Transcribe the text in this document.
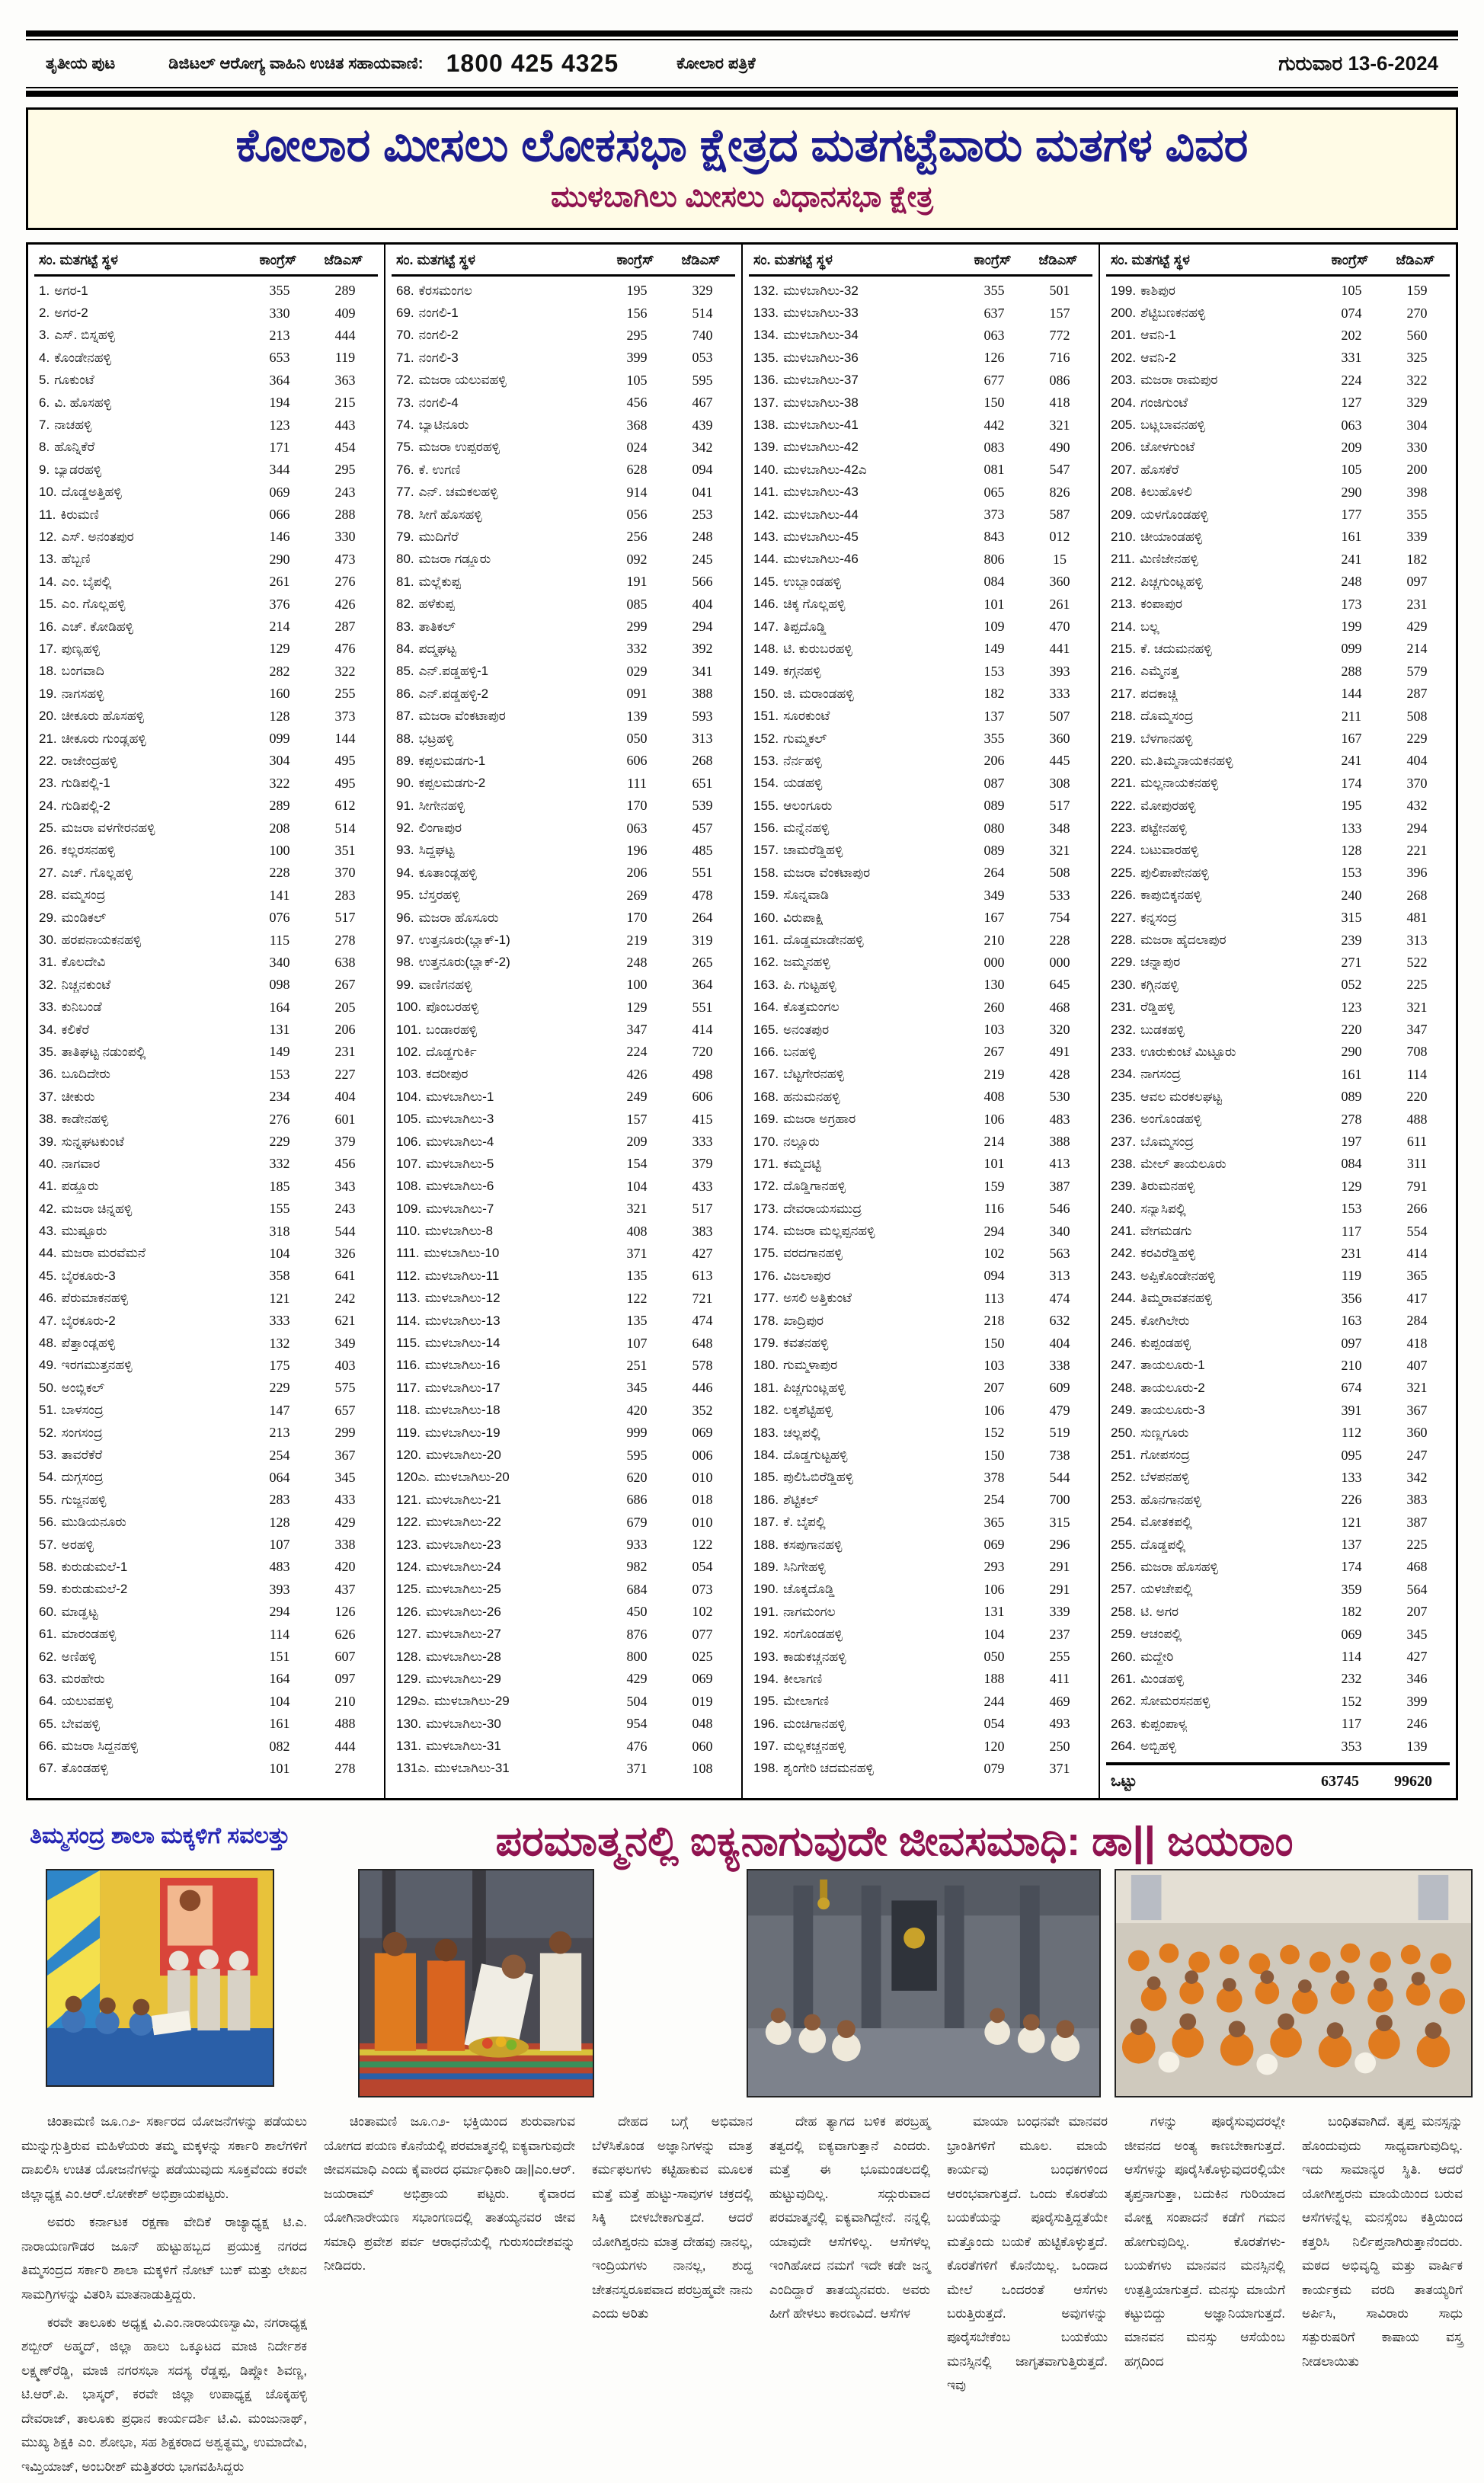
ತೃತೀಯ ಪುಟ	ಡಿಜಿಟಲ್ ಆರೋಗ್ಯ ವಾಹಿನಿ ಉಚಿತ ಸಹಾಯವಾಣಿ: 1800 425 4325	ಕೋಲಾರ ಪತ್ರಿಕೆ	ಗುರುವಾರ 13-6-2024
ಕೋಲಾರ ಮೀಸಲು ಲೋಕಸಭಾ ಕ್ಷೇತ್ರದ ಮತಗಟ್ಟೆವಾರು ಮತಗಳ ವಿವರ
ಮುಳಬಾಗಿಲು ಮೀಸಲು ವಿಧಾನಸಭಾ ಕ್ಷೇತ್ರ
ಸಂ. ಮತಗಟ್ಟೆ ಸ್ಥಳ	ಕಾಂಗ್ರೆಸ್	ಜೆಡಿಎಸ್
1. ಅಗರ-1	355	289
2. ಅಗರ-2	330	409
3. ಎಸ್. ಬಿಸ್ನಹಳ್ಳಿ	213	444
4. ಕೊಂಡೇನಹಳ್ಳಿ	653	119
5. ಗೂಕುಂಟೆ	364	363
6. ವಿ. ಹೊಸಹಳ್ಳಿ	194	215
7. ನಾಚಹಳ್ಳಿ	123	443
8. ಹೊನ್ನಿಕೆರೆ	171	454
9. ಬ್ಯಾಡರಹಳ್ಳಿ	344	295
10. ದೊಡ್ಡಅತ್ತಿಹಳ್ಳಿ	069	243
11. ಕಿರುಮಣಿ	066	288
12. ಎಸ್. ಅನಂತಪುರ	146	330
13. ಹೆಬ್ಬಣಿ	290	473
14. ಎಂ. ಬೈಪಲ್ಲಿ	261	276
15. ಎಂ. ಗೊಲ್ಲಹಳ್ಳಿ	376	426
16. ಎಚ್. ಕೋಡಿಹಳ್ಳಿ	214	287
17. ಪುಣ್ಯಹಳ್ಳಿ	129	476
18. ಬಂಗವಾದಿ	282	322
19. ನಾಗಸಹಳ್ಳಿ	160	255
20. ಚೀಕೂರು ಹೊಸಹಳ್ಳಿ	128	373
21. ಚೀಕೂರು ಗುಂಡ್ಲಹಳ್ಳಿ	099	144
22. ರಾಜೇಂದ್ರಹಳ್ಳಿ	304	495
23. ಗುಡಿಪಲ್ಲಿ-1	322	495
24. ಗುಡಿಪಲ್ಲಿ-2	289	612
25. ಮಜರಾ ವಳಗೇರನಹಳ್ಳಿ	208	514
26. ಕಲ್ಲರಸನಹಳ್ಳಿ	100	351
27. ಎಚ್. ಗೊಲ್ಲಹಳ್ಳಿ	228	370
28. ವಮ್ಮಸಂದ್ರ	141	283
29. ಮಂಡಿಕಲ್	076	517
30. ಹರಪನಾಯಕನಹಳ್ಳಿ	115	278
31. ಕೊಲದೇವಿ	340	638
32. ನಿಚ್ಚನಕುಂಟೆ	098	267
33. ಕುನಿಬಂಡೆ	164	205
34. ಕಲಿಕೆರೆ	131	206
35. ತಾತಿಘಟ್ಟ ನಡುಂಪಲ್ಲಿ	149	231
36. ಬೂದಿದೇರು	153	227
37. ಚೀಕುರು	234	404
38. ಕಾಡೇನಹಳ್ಳಿ	276	601
39. ಸುನ್ನಘಟಕುಂಟೆ	229	379
40. ನಾಗವಾರ	332	456
41. ಪಡ್ಡೂರು	185	343
42. ಮಜರಾ ಚಿನ್ನಹಳ್ಳಿ	155	243
43. ಮುಷ್ಟೂರು	318	544
44. ಮಜರಾ ಮರವೆಮನೆ	104	326
45. ಬೈರಕೂರು-3	358	641
46. ಪೆರುಮಾಕನಹಳ್ಳಿ	121	242
47. ಬೈರಕೂರು-2	333	621
48. ಪೆತ್ತಾಂಡ್ಲಹಳ್ಳಿ	132	349
49. ಇರಗಮುತ್ತನಹಳ್ಳಿ	175	403
50. ಅಂಬ್ಲಿಕಲ್	229	575
51. ಬಾಳಸಂದ್ರ	147	657
52. ಸಂಗಸಂದ್ರ	213	299
53. ತಾವರೆಕೆರೆ	254	367
54. ದುಗ್ಗಸಂದ್ರ	064	345
55. ಗುಜ್ಜನಹಳ್ಳಿ	283	433
56. ಮುಡಿಯನೂರು	128	429
57. ಅರಹಳ್ಳಿ	107	338
58. ಕುರುಡುಮಲೆ-1	483	420
59. ಕುರುಡುಮಲೆ-2	393	437
60. ಮಾಡ್ಘಟ್ಟ	294	126
61. ಮಾರಂಡಹಳ್ಳಿ	114	626
62. ಅಣಿಹಳ್ಳಿ	151	607
63. ಮರಹೇರು	164	097
64. ಯಲುವಹಳ್ಳಿ	104	210
65. ಬೇವಹಳ್ಳಿ	161	488
66. ಮಜರಾ ಸಿದ್ದನಹಳ್ಳಿ	082	444
67. ತೊಂಡಹಳ್ಳಿ	101	278
ಸಂ. ಮತಗಟ್ಟೆ ಸ್ಥಳ	ಕಾಂಗ್ರೆಸ್	ಜೆಡಿಎಸ್
68. ಕೆರಸಮಂಗಲ	195	329
69. ನಂಗಲಿ-1	156	514
70. ನಂಗಲಿ-2	295	740
71. ನಂಗಲಿ-3	399	053
72. ಮಜರಾ ಯಲುವಹಳ್ಳಿ	105	595
73. ನಂಗಲಿ-4	456	467
74. ಬ್ಯಾಟಿನೂರು	368	439
75. ಮಜರಾ ಉಪ್ಪರಹಳ್ಳಿ	024	342
76. ಕೆ. ಉಗಣಿ	628	094
77. ಎನ್. ಚಮಕಲಹಳ್ಳಿ	914	041
78. ಸೀಗೆ ಹೊಸಹಳ್ಳಿ	056	253
79. ಮುದಿಗೆರೆ	256	248
80. ಮಜರಾ ಗಡ್ಡೂರು	092	245
81. ಮಲ್ಲೆಕುಪ್ಪ	191	566
82. ಹಳೆಕುಪ್ಪ	085	404
83. ತಾತಿಕಲ್	299	294
84. ಪದ್ಮಘಟ್ಟ	332	392
85. ಎನ್.ಪಡ್ಡಹಳ್ಳಿ-1	029	341
86. ಎನ್.ಪಡ್ಡಹಳ್ಳಿ-2	091	388
87. ಮಜರಾ ವೆಂಕಟಾಪುರ	139	593
88. ಭಟ್ರಹಳ್ಳಿ	050	313
89. ಕಪ್ಪಲಮಡಗು-1	606	268
90. ಕಪ್ಪಲಮಡಗು-2	111	651
91. ಸೀಗೇನಹಳ್ಳಿ	170	539
92. ಲಿಂಗಾಪುರ	063	457
93. ಸಿದ್ದಘಟ್ಟ	196	485
94. ಕೂತಾಂಡ್ಲಹಳ್ಳಿ	206	551
95. ಬೆಸ್ತರಹಳ್ಳಿ	269	478
96. ಮಜರಾ ಹೊಸೂರು	170	264
97. ಉತ್ತನೂರು(ಬ್ಲಾಕ್-1)	219	319
98. ಉತ್ತನೂರು(ಬ್ಲಾಕ್-2)	248	265
99. ವಾಣಿಗನಹಳ್ಳಿ	100	364
100. ಪೊಂಬರಹಳ್ಳಿ	129	551
101. ಬಂಡಾರಹಳ್ಳಿ	347	414
102. ದೊಡ್ಡಗುರ್ಕಿ	224	720
103. ಕದರೀಪುರ	426	498
104. ಮುಳಬಾಗಿಲು-1	249	606
105. ಮುಳಬಾಗಿಲು-3	157	415
106. ಮುಳಬಾಗಿಲು-4	209	333
107. ಮುಳಬಾಗಿಲು-5	154	379
108. ಮುಳಬಾಗಿಲು-6	104	433
109. ಮುಳಬಾಗಿಲು-7	321	517
110. ಮುಳಬಾಗಿಲು-8	408	383
111. ಮುಳಬಾಗಿಲು-10	371	427
112. ಮುಳಬಾಗಿಲು-11	135	613
113. ಮುಳಬಾಗಿಲು-12	122	721
114. ಮುಳಬಾಗಿಲು-13	135	474
115. ಮುಳಬಾಗಿಲು-14	107	648
116. ಮುಳಬಾಗಿಲು-16	251	578
117. ಮುಳಬಾಗಿಲು-17	345	446
118. ಮುಳಬಾಗಿಲು-18	420	352
119. ಮುಳಬಾಗಿಲು-19	999	069
120. ಮುಳಬಾಗಿಲು-20	595	006
120ಎ. ಮುಳಬಾಗಿಲು-20	620	010
121. ಮುಳಬಾಗಿಲು-21	686	018
122. ಮುಳಬಾಗಿಲು-22	679	010
123. ಮುಳಬಾಗಿಲು-23	933	122
124. ಮುಳಬಾಗಿಲು-24	982	054
125. ಮುಳಬಾಗಿಲು-25	684	073
126. ಮುಳಬಾಗಿಲು-26	450	102
127. ಮುಳಬಾಗಿಲು-27	876	077
128. ಮುಳಬಾಗಿಲು-28	800	025
129. ಮುಳಬಾಗಿಲು-29	429	069
129ಎ. ಮುಳಬಾಗಿಲು-29	504	019
130. ಮುಳಬಾಗಿಲು-30	954	048
131. ಮುಳಬಾಗಿಲು-31	476	060
131ಎ. ಮುಳಬಾಗಿಲು-31	371	108
ಸಂ. ಮತಗಟ್ಟೆ ಸ್ಥಳ	ಕಾಂಗ್ರೆಸ್	ಜೆಡಿಎಸ್
132. ಮುಳಬಾಗಿಲು-32	355	501
133. ಮುಳಬಾಗಿಲು-33	637	157
134. ಮುಳಬಾಗಿಲು-34	063	772
135. ಮುಳಬಾಗಿಲು-36	126	716
136. ಮುಳಬಾಗಿಲು-37	677	086
137. ಮುಳಬಾಗಿಲು-38	150	418
138. ಮುಳಬಾಗಿಲು-41	442	321
139. ಮುಳಬಾಗಿಲು-42	083	490
140. ಮುಳಬಾಗಿಲು-42ಎ	081	547
141. ಮುಳಬಾಗಿಲು-43	065	826
142. ಮುಳಬಾಗಿಲು-44	373	587
143. ಮುಳಬಾಗಿಲು-45	843	012
144. ಮುಳಬಾಗಿಲು-46	806	15
145. ಉಬ್ಬಾಂಡಹಳ್ಳಿ	084	360
146. ಚಿಕ್ಕ ಗೊಲ್ಲಹಳ್ಳಿ	101	261
147. ತಿಪ್ಪದೊಡ್ಡಿ	109	470
148. ಟಿ. ಕುರುಬರಹಳ್ಳಿ	149	441
149. ಕಗ್ಗನಹಳ್ಳಿ	153	393
150. ಜಿ. ಮರಾಂಡಹಳ್ಳಿ	182	333
151. ಸೂರಕುಂಟೆ	137	507
152. ಗುಮ್ಮಕಲ್	355	360
153. ನೆರ್ನಹಳ್ಳಿ	206	445
154. ಯಡಹಳ್ಳಿ	087	308
155. ಆಲಂಗೂರು	089	517
156. ಮನ್ನೆನಹಳ್ಳಿ	080	348
157. ಚಾಮರೆಡ್ಡಿಹಳ್ಳಿ	089	321
158. ಮಜರಾ ವೆಂಕಟಾಪುರ	264	508
159. ಸೊನ್ನವಾಡಿ	349	533
160. ವಿರುಪಾಕ್ಷಿ	167	754
161. ದೊಡ್ಡಮಾಡೇನಹಳ್ಳಿ	210	228
162. ಜಮ್ಮನಹಳ್ಳಿ	000	000
163. ಪಿ. ಗುಟ್ಟಹಳ್ಳಿ	130	645
164. ಕೊತ್ತಮಂಗಲ	260	468
165. ಅನಂತಪುರ	103	320
166. ಬನಹಳ್ಳಿ	267	491
167. ಬೆಟ್ಟಗೇರನಹಳ್ಳಿ	219	428
168. ಹನುಮನಹಳ್ಳಿ	408	530
169. ಮಜರಾ ಅಗ್ರಹಾರ	106	483
170. ನಲ್ಲೂರು	214	388
171. ಕಮ್ಮದಟ್ಟಿ	101	413
172. ದೊಡ್ಡಿಗಾನಹಳ್ಳಿ	159	387
173. ದೇವರಾಯಸಮುದ್ರ	116	546
174. ಮಜರಾ ಮಲ್ಲಪ್ಪನಹಳ್ಳಿ	294	340
175. ವರದಗಾನಹಳ್ಳಿ	102	563
176. ವಿಜಲಾಪುರ	094	313
177. ಅಸಲಿ ಅತ್ತಿಕುಂಟೆ	113	474
178. ಖಾದ್ರಿಪುರ	218	632
179. ಕವತನಹಳ್ಳಿ	150	404
180. ಗುಮ್ಮಳಾಪುರ	103	338
181. ಪಿಚ್ಚಗುಂಟ್ಲಹಳ್ಳಿ	207	609
182. ಲಕ್ಕಶೆಟ್ಟಿಹಳ್ಳಿ	106	479
183. ಚಲ್ಲಪಲ್ಲಿ	152	519
184. ದೊಡ್ಡಗುಟ್ಟಹಳ್ಳಿ	150	738
185. ಪುಲಿಓಬಿರೆಡ್ಡಿಹಳ್ಳಿ	378	544
186. ಶೆಟ್ಟಿಕಲ್	254	700
187. ಕೆ. ಬೈಪಲ್ಲಿ	365	315
188. ಕಸಪುಗಾನಹಳ್ಳಿ	069	296
189. ಸಿನಿಗೇಹಳ್ಳಿ	293	291
190. ಚೊಕ್ಕದೊಡ್ಡಿ	106	291
191. ನಾಗಮಂಗಲ	131	339
192. ಸಂಗೊಂಡಹಳ್ಳಿ	104	237
193. ಕಾಡುಕಚ್ಚನಹಳ್ಳಿ	050	255
194. ಕೀಲಾಗಣಿ	188	411
195. ಮೇಲಾಗಣಿ	244	469
196. ಮಂಚಿಗಾನಹಳ್ಳಿ	054	493
197. ಮಲ್ಲಕಚ್ಚನಹಳ್ಳಿ	120	250
198. ಶೃಂಗೇರಿ ಚದಮನಹಳ್ಳಿ	079	371
ಸಂ. ಮತಗಟ್ಟೆ ಸ್ಥಳ	ಕಾಂಗ್ರೆಸ್	ಜೆಡಿಎಸ್
199. ಕಾಶಿಪುರ	105	159
200. ಶೆಟ್ಟಿಬಣಕನಹಳ್ಳಿ	074	270
201. ಆವನಿ-1	202	560
202. ಆವನಿ-2	331	325
203. ಮಜರಾ ರಾಮಪುರ	224	322
204. ಗಂಜಿಗುಂಟೆ	127	329
205. ಬಟ್ಲಬಾವನಹಳ್ಳಿ	063	304
206. ಚೋಳಗುಂಟೆ	209	330
207. ಹೊಸಕೆರೆ	105	200
208. ಕಿಲುಹೊಳಲಿ	290	398
209. ಯಳಗೊಂಡಹಳ್ಳಿ	177	355
210. ಚೀಯಾಂಡಹಳ್ಳಿ	161	339
211. ಮಿಣಿಜೇನಹಳ್ಳಿ	241	182
212. ಪಿಚ್ಚಗುಂಟ್ಲಹಳ್ಳಿ	248	097
213. ಕಂಪಾಪುರ	173	231
214. ಬಲ್ಲ	199	429
215. ಕೆ. ಚದುಮನಹಳ್ಳಿ	099	214
216. ಎಮ್ಮೆನತ್ತ	288	579
217. ಪದಕಾಚ್ಚಿ	144	287
218. ದೊಮ್ಮಸಂದ್ರ	211	508
219. ಬೆಳಗಾನಹಳ್ಳಿ	167	229
220. ಮ.ತಿಮ್ಮನಾಯಕನಹಳ್ಳಿ	241	404
221. ಮಲ್ಲನಾಯಕನಹಳ್ಳಿ	174	370
222. ಮೋಪುರಹಳ್ಳಿ	195	432
223. ಪಟ್ಟೇನಹಳ್ಳಿ	133	294
224. ಬಟುವಾರಹಳ್ಳಿ	128	221
225. ಪುಲಿಪಾಪೇನಹಳ್ಳಿ	153	396
226. ಕಾಪುಬಿಕ್ಕನಹಳ್ಳಿ	240	268
227. ಕನ್ನಸಂದ್ರ	315	481
228. ಮಜರಾ ಹೈದಲಾಪುರ	239	313
229. ಚನ್ನಾಪುರ	271	522
230. ಕಗ್ಗಿನಹಳ್ಳಿ	052	225
231. ರೆಡ್ಡಿಹಳ್ಳಿ	123	321
232. ಬುಡಕಹಳ್ಳಿ	220	347
233. ಊರುಕುಂಟೆ ಮಿಟ್ಟೂರು	290	708
234. ನಾಗಸಂದ್ರ	161	114
235. ಆವಲ ಮರಕಲಘಟ್ಟ	089	220
236. ಅಂಗೊಂಡಹಳ್ಳಿ	278	488
237. ಬೊಮ್ಮಸಂದ್ರ	197	611
238. ಮೇಲ್ ತಾಯಲೂರು	084	311
239. ತಿರುಮನಹಳ್ಳಿ	129	791
240. ಸನ್ಯಾಸಿಪಲ್ಲಿ	153	266
241. ವೇಗಮಡಗು	117	554
242. ಕರವಿರೆಡ್ಡಿಹಳ್ಳಿ	231	414
243. ಅಪ್ಪಿಕೊಂಡೇನಹಳ್ಳಿ	119	365
244. ತಿಮ್ಮರಾವತನಹಳ್ಳಿ	356	417
245. ಕೋಗಿಲೇರು	163	284
246. ಕುಪ್ಪಂಡಹಳ್ಳಿ	097	418
247. ತಾಯಲೂರು-1	210	407
248. ತಾಯಲೂರು-2	674	321
249. ತಾಯಲೂರು-3	391	367
250. ಸುಣ್ಣಗೂರು	112	360
251. ಗೋಪಸಂದ್ರ	095	247
252. ಬೆಳಪನಹಳ್ಳಿ	133	342
253. ಹೊನಗಾನಹಳ್ಳಿ	226	383
254. ಮೋತಕಪಲ್ಲಿ	121	387
255. ದೊಡ್ಡಪಲ್ಲಿ	137	225
256. ಮಜರಾ ಹೊಸಹಳ್ಳಿ	174	468
257. ಯಳಚೇಪಲ್ಲಿ	359	564
258. ಟಿ. ಅಗರ	182	207
259. ಆಚಂಪಲ್ಲಿ	069	345
260. ಮದ್ದೇರಿ	114	427
261. ಮಿಂಡಹಳ್ಳಿ	232	346
262. ಸೋಮರಸನಹಳ್ಳಿ	152	399
263. ಕುಪ್ಪಂಪಾಳ್ಯ	117	246
264. ಅಬ್ಬಿಹಳ್ಳಿ	353	139
ಒಟ್ಟು	63745	99620
ತಿಮ್ಮಸಂದ್ರ ಶಾಲಾ ಮಕ್ಕಳಿಗೆ ಸವಲತ್ತು	ಪರಮಾತ್ಮನಲ್ಲಿ ಐಕ್ಯನಾಗುವುದೇ ಜೀವಸಮಾಧಿ: ಡಾ|| ಜಯರಾಂ

ಚಿಂತಾಮಣಿ ಜೂ.೧೨- ಸರ್ಕಾರದ ಯೋಜನೆಗಳನ್ನು ಪಡೆಯಲು ಮುನ್ನುಗ್ಗುತ್ತಿರುವ ಮಹಿಳೆಯರು ತಮ್ಮ ಮಕ್ಕಳನ್ನು ಸರ್ಕಾರಿ ಶಾಲೆಗಳಿಗೆ ದಾಖಲಿಸಿ ಉಚಿತ ಯೋಜನೆಗಳನ್ನು ಪಡೆಯುವುದು ಸೂಕ್ತವೆಂದು ಕರವೇ ಜಿಲ್ಲಾಧ್ಯಕ್ಷ ಎಂ.ಆರ್.ಲೋಕೇಶ್ ಅಭಿಪ್ರಾಯಪಟ್ಟರು.

ಅವರು ಕರ್ನಾಟಕ ರಕ್ಷಣಾ ವೇದಿಕೆ ರಾಜ್ಯಾಧ್ಯಕ್ಷ ಟಿ.ಎ. ನಾರಾಯಣಗೌಡರ ಜೂನ್ ಹುಟ್ಟುಹಬ್ಬದ ಪ್ರಯುಕ್ತ ನಗರದ ತಿಮ್ಮಸಂದ್ರದ ಸರ್ಕಾರಿ ಶಾಲಾ ಮಕ್ಕಳಿಗೆ ನೋಟ್ ಬುಕ್ ಮತ್ತು ಲೇಖನ ಸಾಮಗ್ರಿಗಳನ್ನು ವಿತರಿಸಿ ಮಾತನಾಡುತ್ತಿದ್ದರು.

ಕರವೇ ತಾಲೂಕು ಅಧ್ಯಕ್ಷ ವಿ.ಎಂ.ನಾರಾಯಣಸ್ವಾಮಿ, ನಗರಾಧ್ಯಕ್ಷ ಶಬ್ಬೀರ್ ಅಹ್ಮದ್, ಜಿಲ್ಲಾ ಹಾಲು ಒಕ್ಕೂಟದ ಮಾಜಿ ನಿರ್ದೇಶಕ ಲಕ್ಷ್ಮಣ್‌ರೆಡ್ಡಿ, ಮಾಜಿ ನಗರಸಭಾ ಸದಸ್ಯ ರೆಡ್ಡಪ್ಪ, ಡಿಪ್ಲೋ ಶಿವಣ್ಣ, ಟಿ.ಆರ್.ಪಿ. ಭಾಸ್ಕರ್, ಕರವೇ ಜಿಲ್ಲಾ ಉಪಾಧ್ಯಕ್ಷ ಚೊಕ್ಕಹಳ್ಳಿ ದೇವರಾಜ್, ತಾಲೂಕು ಪ್ರಧಾನ ಕಾರ್ಯದರ್ಶಿ ಟಿ.ವಿ. ಮಂಜುನಾಥ್, ಮುಖ್ಯ ಶಿಕ್ಷಕಿ ಎಂ. ಶೋಭಾ, ಸಹ ಶಿಕ್ಷಕರಾದ ಅಶ್ವತ್ಥಮ್ಮ, ಉಮಾದೇವಿ, ಇಮ್ತಿಯಾಜ್, ಅಂಬರೀಶ್ ಮತ್ತಿತರರು ಭಾಗವಹಿಸಿದ್ದರು

ಚಿಂತಾಮಣಿ ಜೂ.೧೨- ಭಕ್ತಿಯಿಂದ ಶುರುವಾಗುವ ಯೋಗದ ಪಯಣ ಕೊನೆಯಲ್ಲಿ ಪರಮಾತ್ಮನಲ್ಲಿ ಐಕ್ಯವಾಗುವುದೇ ಜೀವಸಮಾಧಿ ಎಂದು ಕೈವಾರದ ಧರ್ಮಾಧಿಕಾರಿ ಡಾ||ಎಂ.ಆರ್. ಜಯರಾಮ್ ಅಭಿಪ್ರಾಯ ಪಟ್ಟರು. ಕೈವಾರದ ಯೋಗಿನಾರೇಯಣ ಸಭಾಂಗಣದಲ್ಲಿ ತಾತಯ್ಯನವರ ಜೀವ ಸಮಾಧಿ ಪ್ರವೇಶ ಪರ್ವ ಆರಾಧನೆಯಲ್ಲಿ ಗುರುಸಂದೇಶವನ್ನು ನೀಡಿದರು.

ದೇಹದ ಬಗ್ಗೆ ಅಭಿಮಾನ ಬೆಳೆಸಿಕೊಂಡ ಅಜ್ಞಾನಿಗಳನ್ನು ಮಾತ್ರ ಕರ್ಮಫಲಗಳು ಕಟ್ಟಿಹಾಕುವ ಮೂಲಕ ಮತ್ತೆ ಮತ್ತೆ ಹುಟ್ಟು-ಸಾವುಗಳ ಚಕ್ರದಲ್ಲಿ ಸಿಕ್ಕಿ ಬೀಳಬೇಕಾಗುತ್ತದೆ. ಆದರೆ ಯೋಗಿಶ್ವರನು ಮಾತ್ರ ದೇಹವು ನಾನಲ್ಲ, ಇಂದ್ರಿಯಗಳು ನಾನಲ್ಲ, ಶುದ್ಧ ಚೇತನಸ್ವರೂಪವಾದ ಪರಬ್ರಹ್ಮವೇ ನಾನು ಎಂದು ಅರಿತು

ದೇಹ ತ್ಯಾಗದ ಬಳಿಕ ಪರಬ್ರಹ್ಮ ತತ್ವದಲ್ಲಿ ಐಕ್ಯವಾಗುತ್ತಾನೆ ಎಂದರು. ಮತ್ತೆ ಈ ಭೂಮಂಡಲದಲ್ಲಿ ಹುಟ್ಟುವುದಿಲ್ಲ. ಸದ್ಗುರುವಾದ ಪರಮಾತ್ಮನಲ್ಲಿ ಐಕ್ಯವಾಗಿದ್ದೇನೆ. ನನ್ನಲ್ಲಿ ಯಾವುದೇ ಆಸೆಗಳಿಲ್ಲ. ಆಸೆಗಳೆಲ್ಲ ಇಂಗಿಹೋದ ನಮಗೆ ಇದೇ ಕಡೇ ಜನ್ಮ ಎಂದಿದ್ದಾರೆ ತಾತಯ್ಯನವರು. ಅವರು ಹೀಗೆ ಹೇಳಲು ಕಾರಣವಿದೆ. ಆಸೆಗಳ

ಮಾಯಾ ಬಂಧನವೇ ಮಾನವರ ಭ್ರಾಂತಿಗಳಿಗೆ ಮೂಲ. ಮಾಯೆ ಕಾರ್ಯವು ಬಂಧಕಗಳಿಂದ ಆರಂಭವಾಗುತ್ತದೆ. ಒಂದು ಕೊರತೆಯ ಬಯಕೆಯನ್ನು ಪೂರೈಸುತ್ತಿದ್ದತೆಯೇ ಮತ್ತೊಂದು ಬಯಕೆ ಹುಟ್ಟಿಕೊಳ್ಳುತ್ತದೆ. ಕೊರತೆಗಳಿಗೆ ಕೊನೆಯಿಲ್ಲ. ಒಂದಾದ ಮೇಲೆ ಒಂದರಂತೆ ಆಸೆಗಳು ಬರುತ್ತಿರುತ್ತದೆ. ಅವುಗಳನ್ನು ಪೂರೈಸಬೇಕೆಂಬ ಬಯಕೆಯು ಮನಸ್ಸಿನಲ್ಲಿ ಜಾಗೃತವಾಗುತ್ತಿರುತ್ತದೆ. ಇವು

ಗಳನ್ನು ಪೂರೈಸುವುದರಲ್ಲೇ ಜೀವನದ ಅಂತ್ಯ ಕಾಣಬೇಕಾಗುತ್ತದೆ. ಆಸೆಗಳನ್ನು ಪೂರೈಸಿಕೊಳ್ಳುವುದರಲ್ಲಿಯೇ ತೃಪ್ತನಾಗುತ್ತಾ, ಬದುಕಿನ ಗುರಿಯಾದ ಮೋಕ್ಷ ಸಂಪಾದನೆ ಕಡೆಗೆ ಗಮನ ಹೋಗುವುದಿಲ್ಲ. ಕೊರತೆಗಳು-ಬಯಕೆಗಳು ಮಾನವನ ಮನಸ್ಸಿನಲ್ಲಿ ಉತ್ಪತ್ತಿಯಾಗುತ್ತದೆ. ಮನಸ್ಸು ಮಾಯೆಗೆ ಕಟ್ಟುಬಿದ್ದು ಅಜ್ಞಾನಿಯಾಗುತ್ತದೆ. ಮಾನವನ ಮನಸ್ಸು ಆಸೆಯೆಂಬ ಹಗ್ಗದಿಂದ

ಬಂಧಿತವಾಗಿದೆ. ತೃಪ್ತ ಮನಸ್ಸನ್ನು ಹೊಂದುವುದು ಸಾಧ್ಯವಾಗುವುದಿಲ್ಲ. ಇದು ಸಾಮಾನ್ಯರ ಸ್ಥಿತಿ. ಆದರೆ ಯೋಗೀಶ್ವರನು ಮಾಯೆಯಿಂದ ಬರುವ ಆಸೆಗಳನ್ನೆಲ್ಲ ಮನಸ್ಸೆಂಬ ಕತ್ತಿಯಿಂದ ಕತ್ತರಿಸಿ ನಿರ್ಲಿಪ್ತನಾಗಿರುತ್ತಾನೆಂದರು. ಮಠದ ಅಭಿವೃದ್ಧಿ ಮತ್ತು ವಾರ್ಷಿಕ ಕಾರ್ಯಕ್ರಮ ವರದಿ ತಾತಯ್ಯರಿಗೆ ಅರ್ಪಿಸಿ, ಸಾವಿರಾರು ಸಾಧು ಸತ್ಪುರುಷರಿಗೆ ಕಾಷಾಯ ವಸ್ತ್ರ ನೀಡಲಾಯಿತು
